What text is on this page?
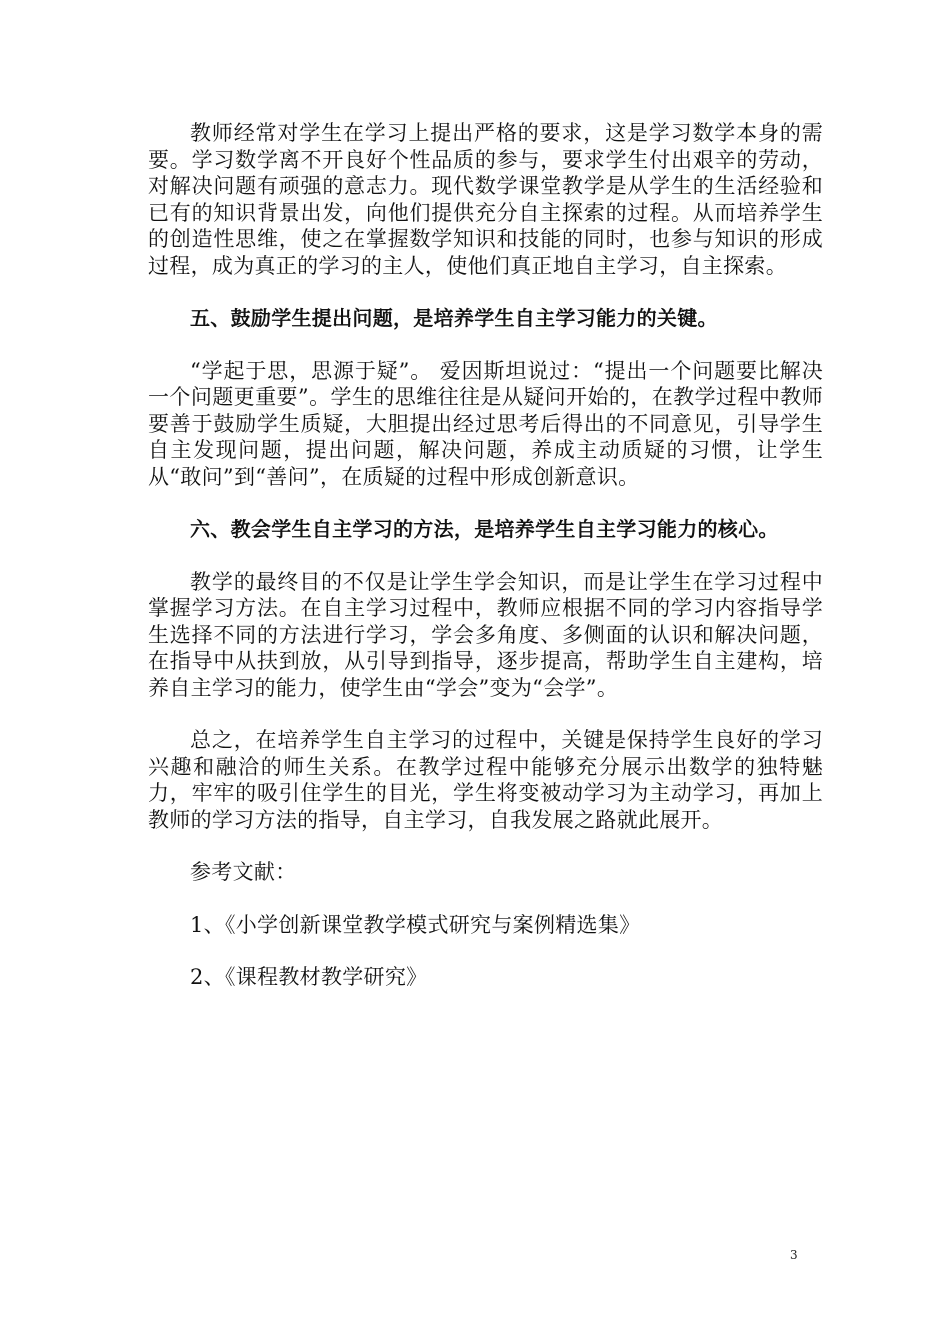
教师经常对学生在学习上提出严格的要求，这是学习数学本身的需要。学习数学离不开良好个性品质的参与，要求学生付出艰辛的劳动，对解决问题有顽强的意志力。现代数学课堂教学是从学生的生活经验和已有的知识背景出发，向他们提供充分自主探索的过程。从而培养学生的创造性思维，使之在掌握数学知识和技能的同时，也参与知识的形成过程，成为真正的学习的主人，使他们真正地自主学习，自主探索。

五、鼓励学生提出问题，是培养学生自主学习能力的关键。

“学起于思，思源于疑”。 爱因斯坦说过：“提出一个问题要比解决一个问题更重要”。学生的思维往往是从疑问开始的，在教学过程中教师要善于鼓励学生质疑，大胆提出经过思考后得出的不同意见，引导学生自主发现问题，提出问题，解决问题，养成主动质疑的习惯，让学生从“敢问”到“善问”，在质疑的过程中形成创新意识。

六、教会学生自主学习的方法，是培养学生自主学习能力的核心。

教学的最终目的不仅是让学生学会知识，而是让学生在学习过程中掌握学习方法。在自主学习过程中，教师应根据不同的学习内容指导学生选择不同的方法进行学习，学会多角度、多侧面的认识和解决问题，在指导中从扶到放，从引导到指导，逐步提高，帮助学生自主建构，培养自主学习的能力，使学生由“学会”变为“会学”。

总之，在培养学生自主学习的过程中，关键是保持学生良好的学习兴趣和融洽的师生关系。在教学过程中能够充分展示出数学的独特魅力，牢牢的吸引住学生的目光，学生将变被动学习为主动学习，再加上教师的学习方法的指导，自主学习，自我发展之路就此展开。

参考文献：

1、《小学创新课堂教学模式研究与案例精选集》

2、《课程教材教学研究》

3
